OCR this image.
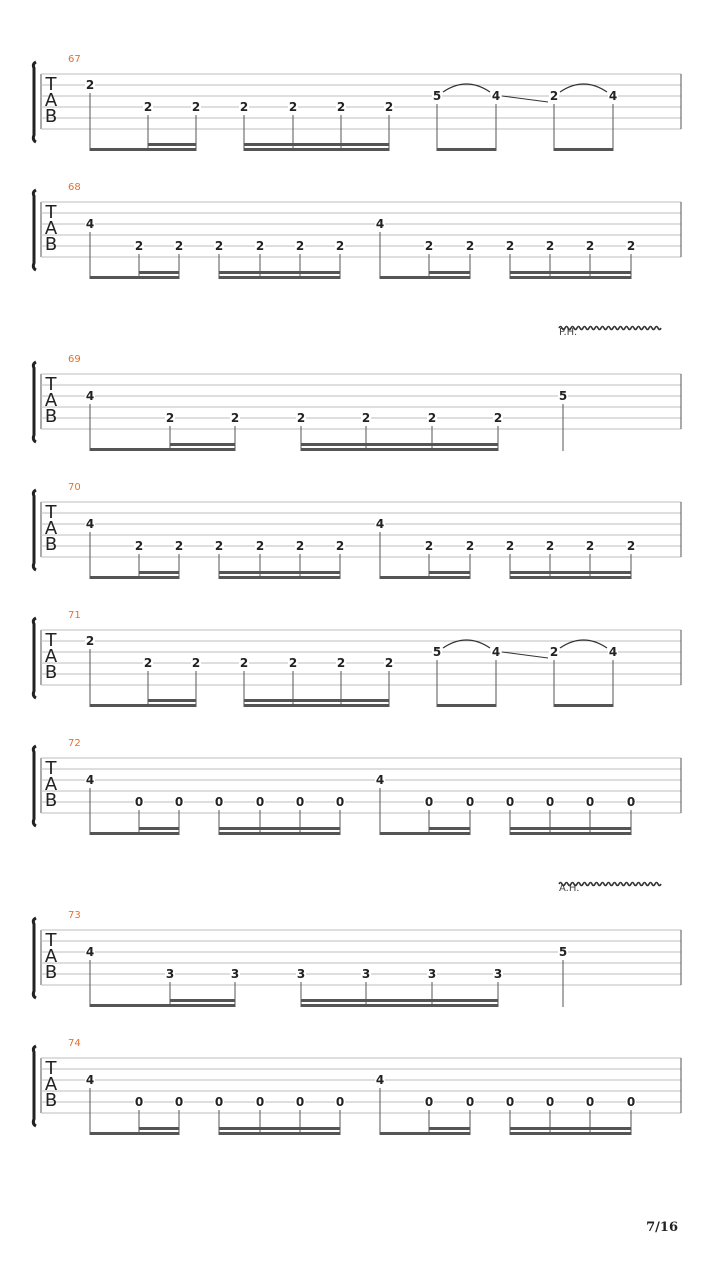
T
A
B
67
2
2	2	2	2	2	2
5	4	2	4
T
A
B
68
4
2	2	2	2	2	2
4
2	2	2	2	2	2
T
A
B
69
P.H.
4
2	2	2	2	2	2
5
T
A
B
70
4
2	2	2	2	2	2
4
2	2	2	2	2	2
T
A
B
71
2
2	2	2	2	2	2
5	4	2	4
T
A
B
72
4
0	0	0	0	0	0
4
0	0	0	0	0	0
T
A
B
73
A.H.
4
3	3	3	3	3	3
5
T
A
B
74
4
0	0	0	0	0	0
4
0	0	0	0	0	0
7/16
